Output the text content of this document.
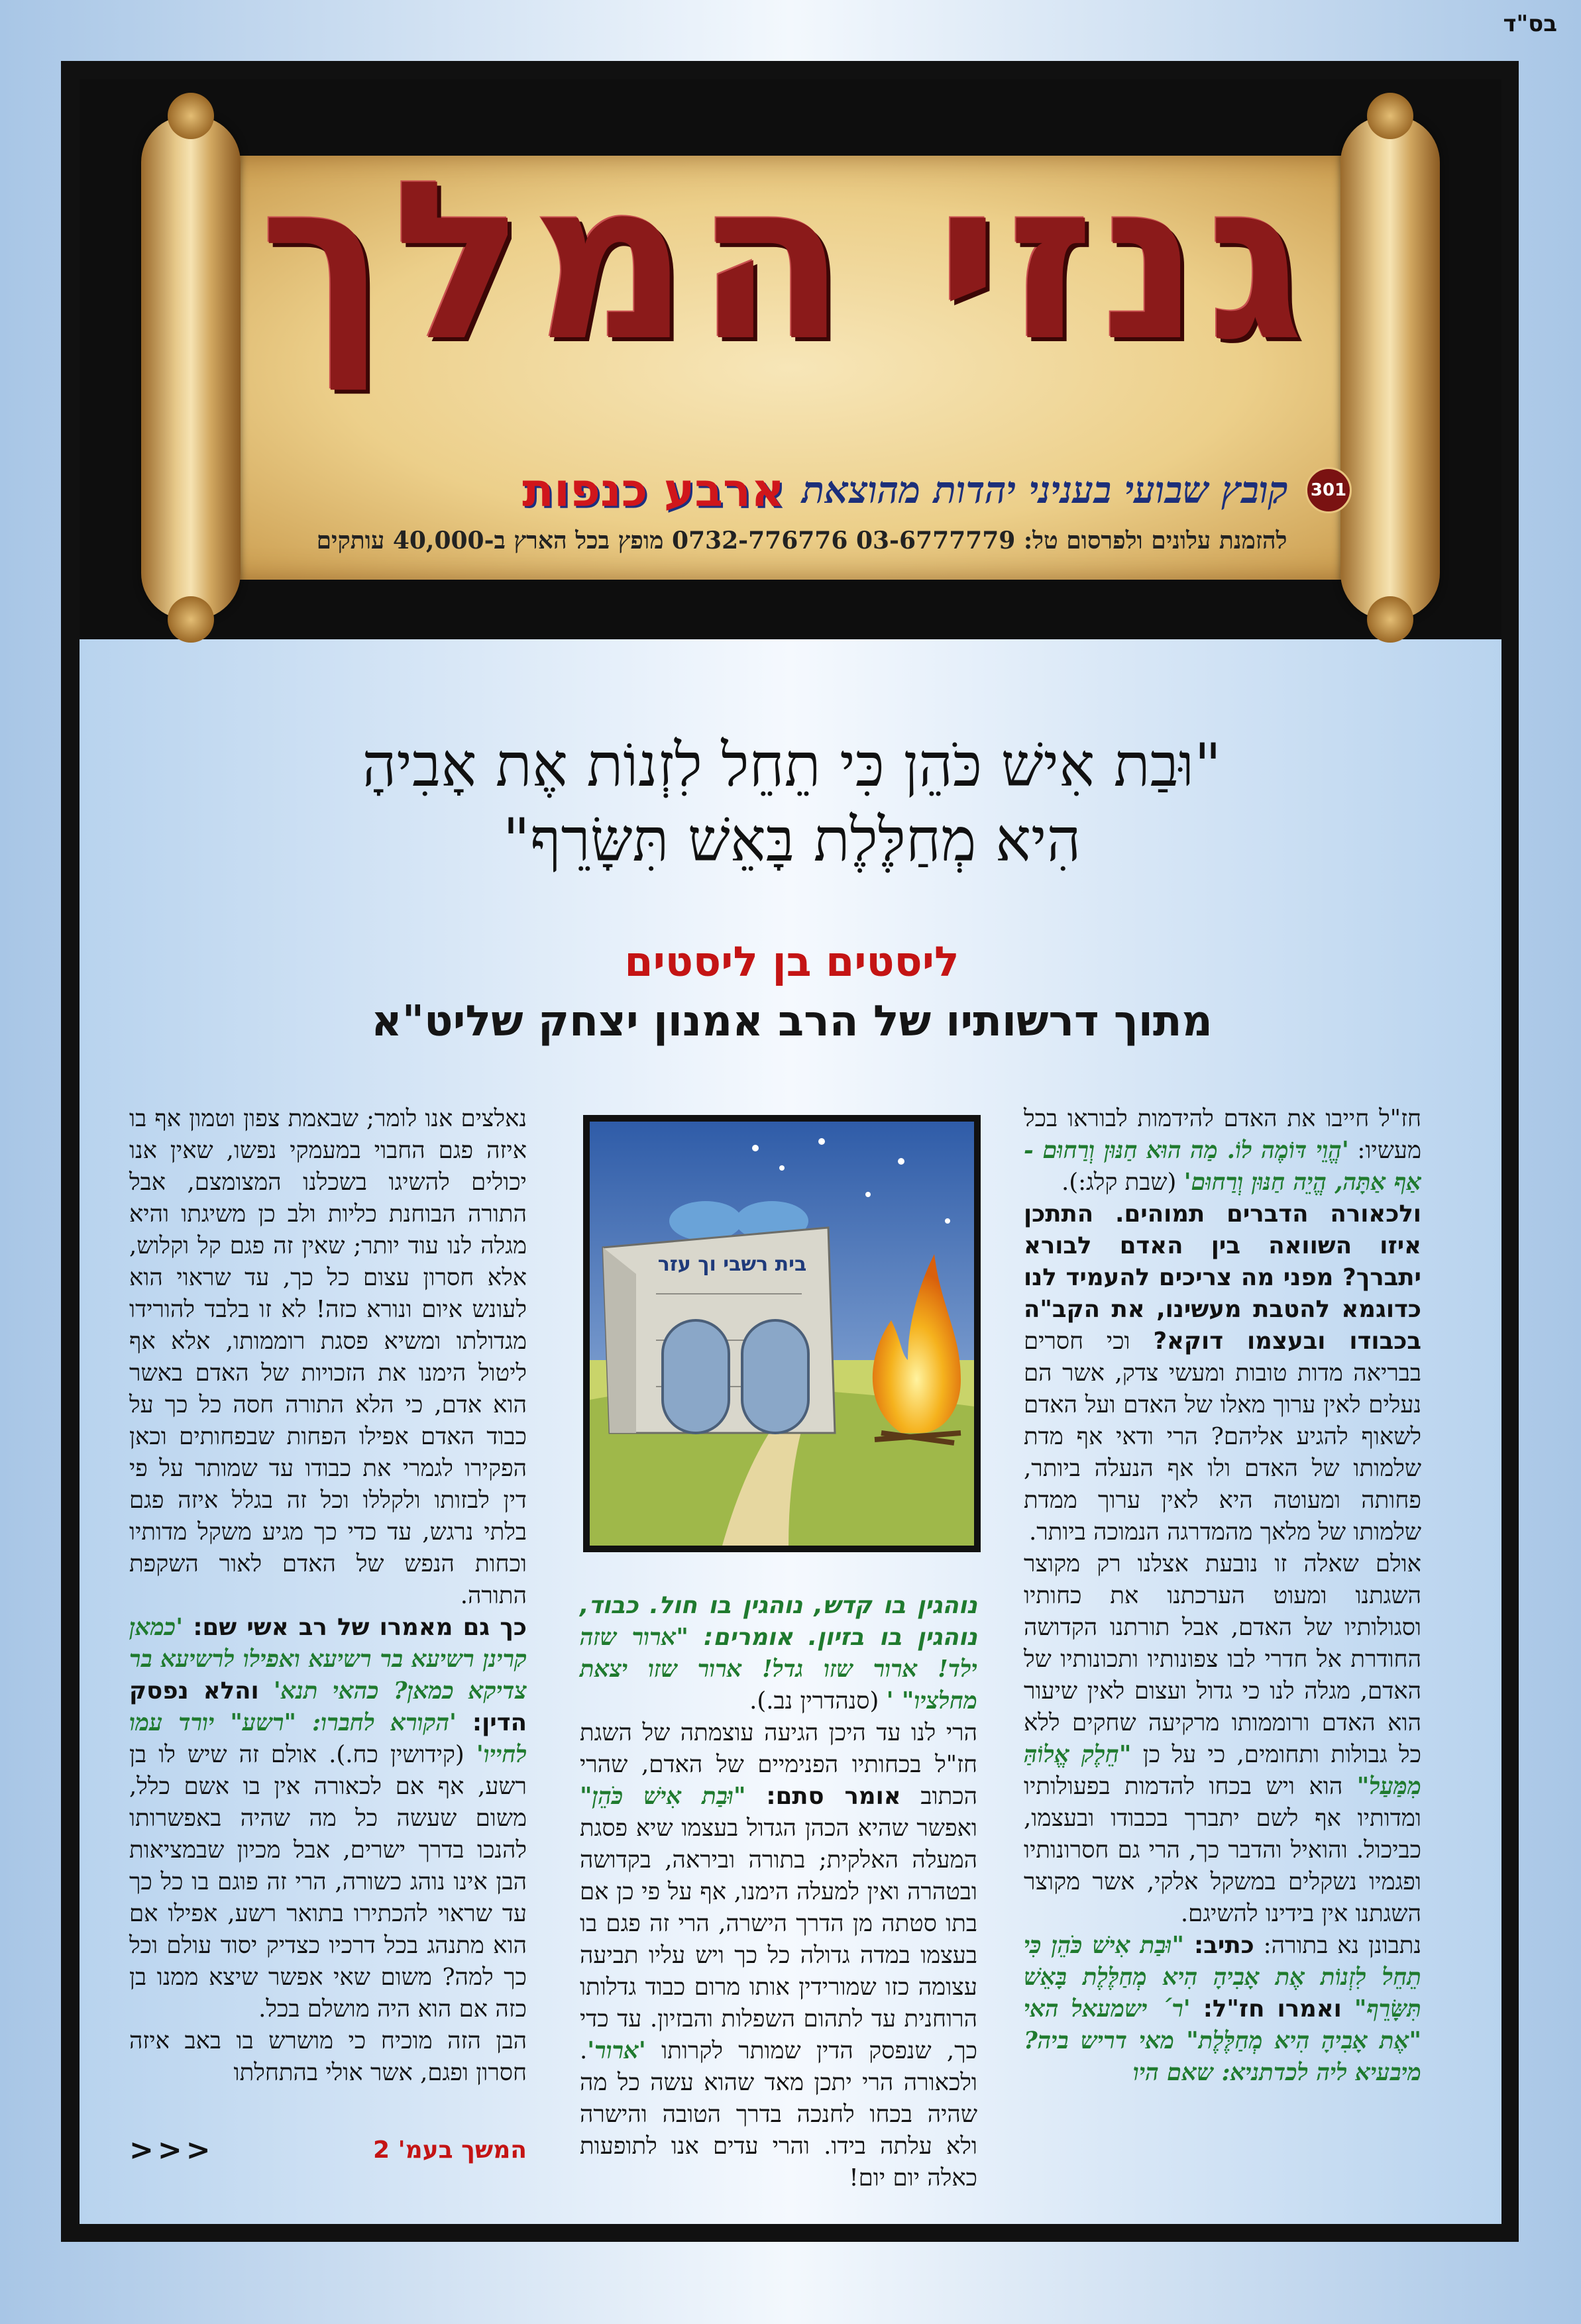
בס"ד
גנזי המלך
301
קובץ שבועי בעניני יהדות מהוצאת
ארבע כנפות
להזמנת עלונים ולפרסום טל: 03-6777779 0732-776776 מופץ בכל הארץ ב-40,000 עותקים
"וּבַת אִישׁ כֹּהֵן כִּי תֵחֵל לִזְנוֹת אֶת אָבִיהָ
הִיא מְחַלֶּלֶת בָּאֵשׁ תִּשָּׂרֵף"
ליסטים בן ליסטים
מתוך דרשותיו של הרב אמנון יצחק שליט"א

חז"ל חייבו את האדם להידמות לבוראו בכל מעשיו: 'הֱוֵי דּוֹמֶה לוֹ. מַה הוּא חַנּוּן וְרַחוּם - אַף אַתָּה, הֱיֵה חַנּוּן וְרַחוּם' (שבת קלג:).

ולכאורה הדברים תמוהים. התתכן איזו השוואה בין האדם לבורא יתברך? מפני מה צריכים להעמיד לנו כדוגמא להטבת מעשינו, את הקב"ה בכבודו ובעצמו דוקא? וכי חסרים בבריאה מדות טובות ומעשי צדק, אשר הם נעלים לאין ערוך מאלו של האדם ועל האדם לשאוף להגיע אליהם? הרי ודאי אף מדת שלמותו של האדם ולו אף הנעלה ביותר, פחותה ומעוטה היא לאין ערוך ממדת שלמותו של מלאך מהמדרגה הנמוכה ביותר.

אולם שאלה זו נובעת אצלנו רק מקוצר השגתנו ומעוט הערכתנו את כחותיו וסגולותיו של האדם, אבל תורתנו הקדושה החודרת אל חדרי לבו צפונותיו ותכונותיו של האדם, מגלה לנו כי גדול ועצום לאין שיעור הוא האדם ורוממותו מרקיעה שחקים ללא כל גבולות ותחומים, כי על כן "חֵלֶק אֱלוֹהַּ מִמַּעַל" הוא ויש בכחו להדמות בפעולותיו ומדותיו אף לשם יתברך בכבודו ובעצמו, כביכול. והואיל והדבר כך, הרי גם חסרונותיו ופגמיו נשקלים במשקל אלקי, אשר מקוצר השגתנו אין בידינו להשיגם.

נתבונן נא בתורה: כתיב: "וּבַת אִישׁ כֹּהֵן כִּי תֵחֵל לִזְנוֹת אֶת אָבִיהָ הִיא מְחַלֶּלֶת בָּאֵשׁ תִּשָּׂרֵף" ואמרו חז"ל: 'ר´ ישמעאל האי "אֶת אָבִיהָ הִיא מְחַלֶּלֶת" מאי דריש ביה? מיבעיא ליה לכדתניא: שאם היו

בית רשבי וך עזר

נוהגין בו קדש, נוהגין בו חול. כבוד, נוהגין בו בזיון. אומרים: "ארור שזה ילד! ארור שזו גדל! ארור שזו יצאת מחלציו" ' (סנהדרין נב.).

הרי לנו עד היכן הגיעה עוצמתה של השגת חז"ל בכחותיו הפנימיים של האדם, שהרי הכתוב אומר סתם: "וּבַת אִישׁ כֹּהֵן" ואפשר שהיא הכהן הגדול בעצמו שיא פסגת המעלה האלקית; בתורה וביראה, בקדושה ובטהרה ואין למעלה הימנו, אף על פי כן אם בתו סטתה מן הדרך הישרה, הרי זה פגם בו בעצמו במדה גדולה כל כך ויש עליו תביעה עצומה כזו שמורידין אותו מרום כבוד גדלותו הרוחנית עד לתהום השפלות והבזיון. עד כדי כך, שנפסק הדין שמותר לקרותו 'ארור'. ולכאורה הרי יתכן מאד שהוא עשה כל מה שהיה בכחו לחנכה בדרך הטובה והישרה ולא עלתה בידו. והרי עדים אנו לתופעות כאלה יום יום!

נאלצים אנו לומר; שבאמת צפון וטמון אף בו איזה פגם החבוי במעמקי נפשו, שאין אנו יכולים להשיגו בשכלנו המצומצם, אבל התורה הבוחנת כליות ולב כן משיגתו והיא מגלה לנו עוד יותר; שאין זה פגם קל וקלוש, אלא חסרון עצום כל כך, עד שראוי הוא לעונש איום ונורא כזה! לא זו בלבד להורידו מגדולתו ומשיא פסגת רוממותו, אלא אף ליטול הימנו את הזכויות של האדם באשר הוא אדם, כי הלא התורה חסה כל כך על כבוד האדם אפילו הפחות שבפחותים וכאן הפקירו לגמרי את כבודו עד שמותר על פי דין לבזותו ולקללו וכל זה בגלל איזה פגם בלתי נרגש, עד כדי כך מגיע משקל מדותיו וכחות הנפש של האדם לאור השקפת התורה.

כך גם מאמרו של רב אשי שם: 'כמאן קרינן רשיעא בר רשיעא ואפילו לרשיעא בר צדיקא כמאן? כהאי תנא' והלא נפסק הדין: 'הקורא לחברו: "רשע" יורד עמו לחייו' (קידושין כח.). אולם זה שיש לו בן רשע, אף אם לכאורה אין בו אשם כלל, משום שעשה כל מה שהיה באפשרותו להנכו בדרך ישרים, אבל מכיון שבמציאות הבן אינו נוהג כשורה, הרי זה פוגם בו כל כך עד שראוי להכתירו בתואר רשע, אפילו אם הוא מתנהג בכל דרכיו כצדיק יסוד עולם וכל כך למה? משום שאי אפשר שיצא ממנו בן כזה אם הוא היה מושלם בכל.

הבן הזה מוכיח כי מושרש בו באב איזה חסרון ופגם, אשר אולי בהתחלתו

המשך בעמ' 2
<<<
